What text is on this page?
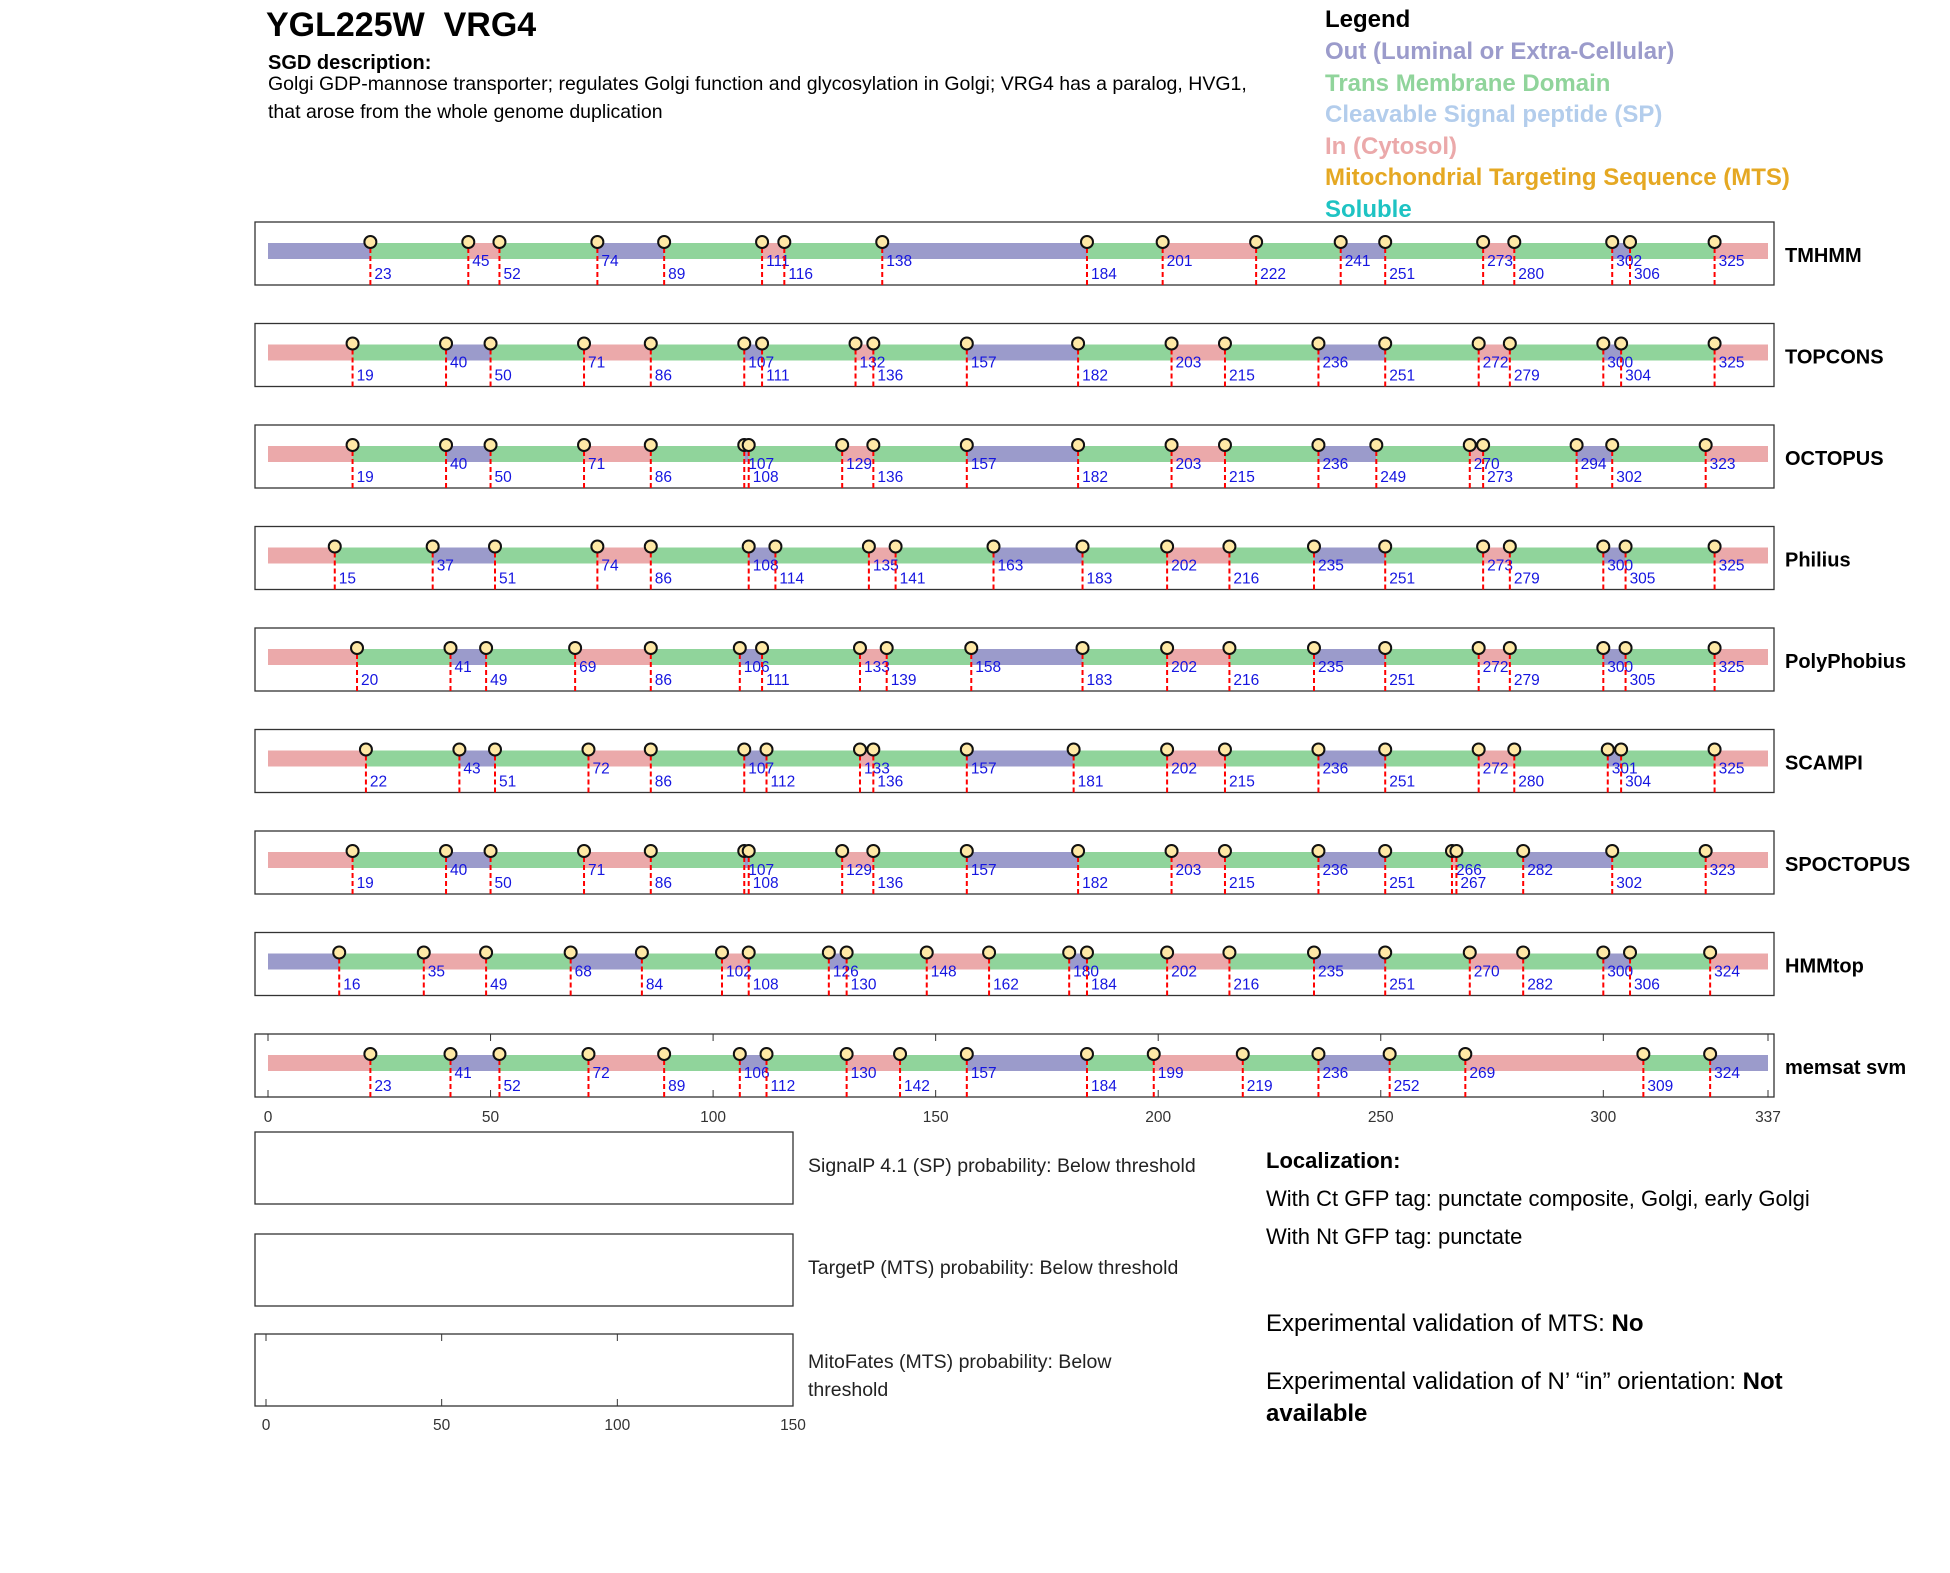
YGL225W  VRG4
SGD description:
Golgi GDP-mannose transporter; regulates Golgi function and glycosylation in Golgi; VRG4 has a paralog, HVG1, that arose from the whole genome duplication
Legend
Out (Luminal or Extra-Cellular)
Trans Membrane Domain
Cleavable Signal peptide (SP)
In (Cytosol)
Mitochondrial Targeting Sequence (MTS)
Soluble
23
45
52
74
89
111
116
138
184
201
222
241
251
273
280
302
306
325 TMHMM
19
40
50
71
86
107
111
132
136
157
182
203
215
236
251
272
279
300
304
325 TOPCONS
19
40
50
71
86
107
108
129
136
157
182
203
215
236
249
270
273
294
302
323 OCTOPUS
15
37
51
74
86
108
114
135
141
163
183
202
216
235
251
273
279
300
305
325 Philius
20
41
49
69
86
106
111
133
139
158
183
202
216
235
251
272
279
300
305
325 PolyPhobius
22
43
51
72
86
107
112
133
136
157
181
202
215
236
251
272
280
301
304
325 SCAMPI
19
40
50
71
86
107
108
129
136
157
182
203
215
236
251
266
267
282
302
323 SPOCTOPUS
16
35
49
68
84
102
108
126
130
148
162
180
184
202
216
235
251
270
282
300
306
324 HMMtop
23
41
52
72
89
106
112
130
142
157
184
199
219
236
252
269
309
324 memsat svm
0	50	100	150	200	250	300	337
SignalP 4.1 (SP) probability: Below threshold
TargetP (MTS) probability: Below threshold
MitoFates (MTS) probability: Below threshold
0	50	100	150
Localization:
With Ct GFP tag: punctate composite, Golgi, early Golgi
With Nt GFP tag: punctate
Experimental validation of MTS: No
Experimental validation of N’ “in” orientation: Not available
